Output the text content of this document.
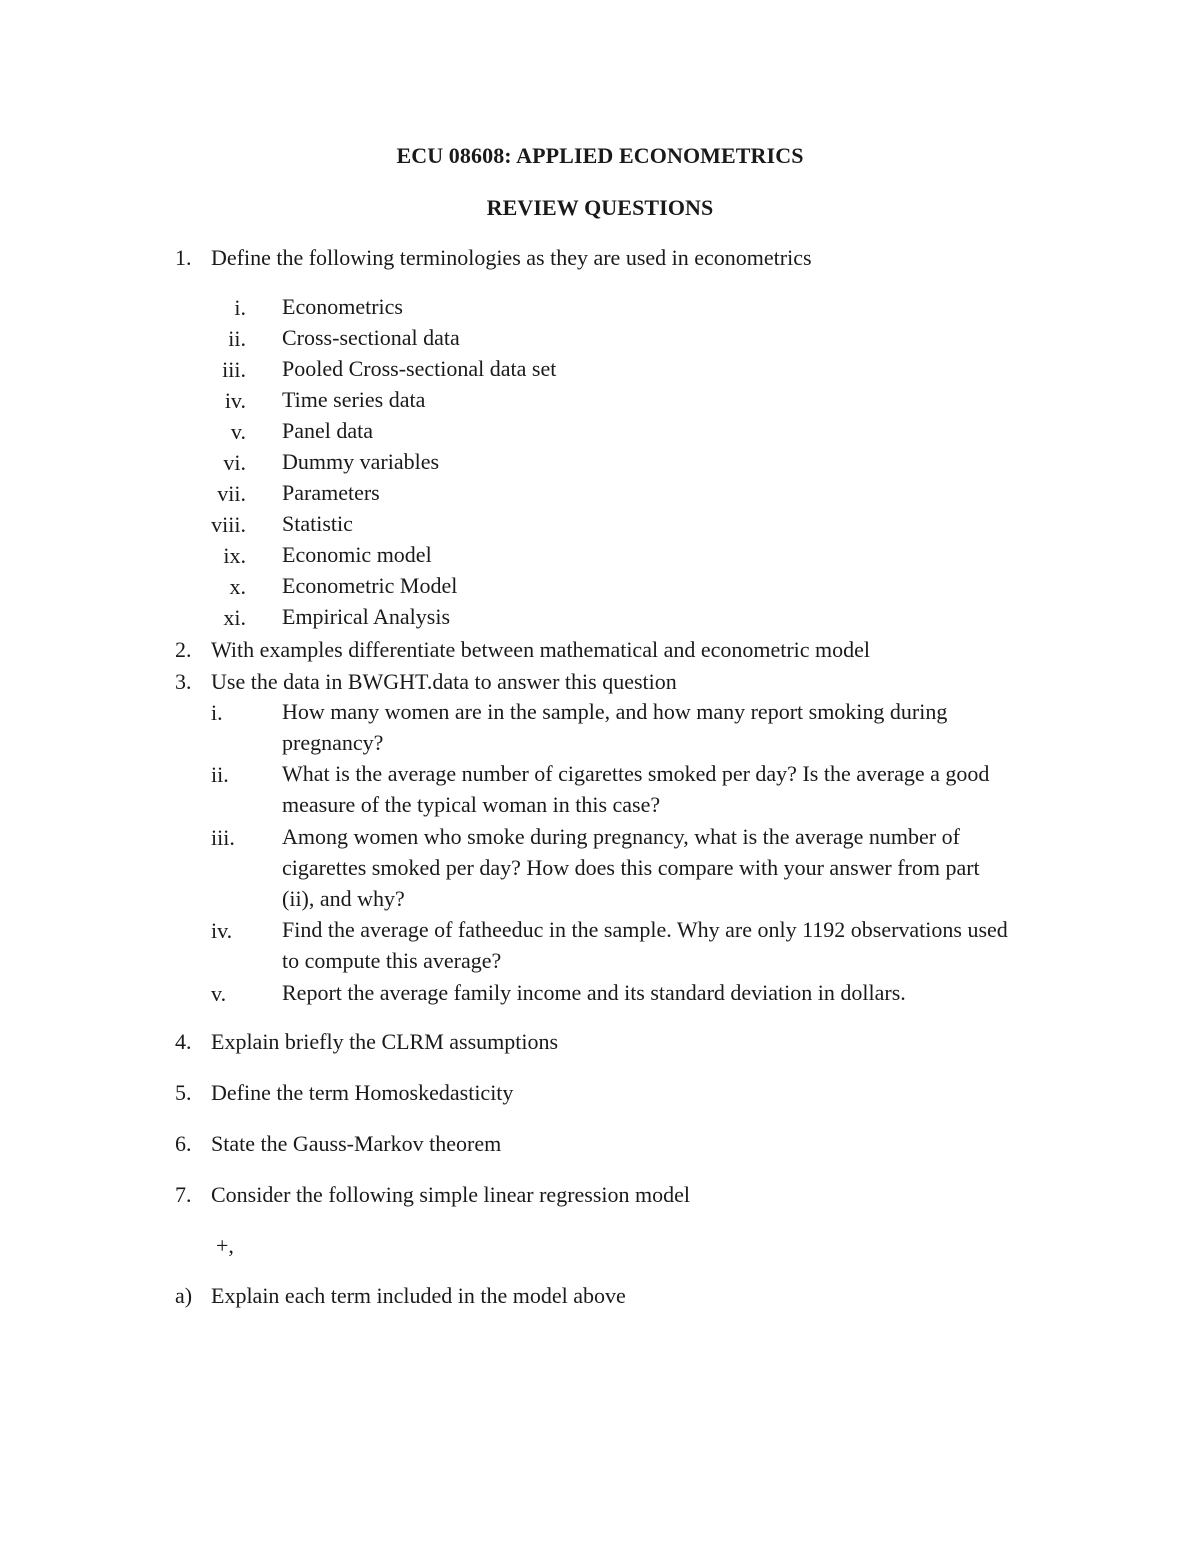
ECU 08608: APPLIED ECONOMETRICS
REVIEW QUESTIONS
1. Define the following terminologies as they are used in econometrics
i. Econometrics
ii. Cross-sectional data
iii. Pooled Cross-sectional data set
iv. Time series data
v. Panel data
vi. Dummy variables
vii. Parameters
viii. Statistic
ix. Economic model
x. Econometric Model
xi. Empirical Analysis
2. With examples differentiate between mathematical and econometric model
3. Use the data in BWGHT.data to answer this question
i.	How many women are in the sample, and how many report smoking during
pregnancy?
ii.	What is the average number of cigarettes smoked per day? Is the average a good
measure of the typical woman in this case?
iii.	Among women who smoke during pregnancy, what is the average number of
cigarettes smoked per day? How does this compare with your answer from part
(ii), and why?
iv.	Find the average of fatheeduc in the sample. Why are only 1192 observations used
to compute this average?
v.	Report the average family income and its standard deviation in dollars.
4. Explain briefly the CLRM assumptions
5. Define the term Homoskedasticity
6. State the Gauss-Markov theorem
7. Consider the following simple linear regression model
+,
a) Explain each term included in the model above
